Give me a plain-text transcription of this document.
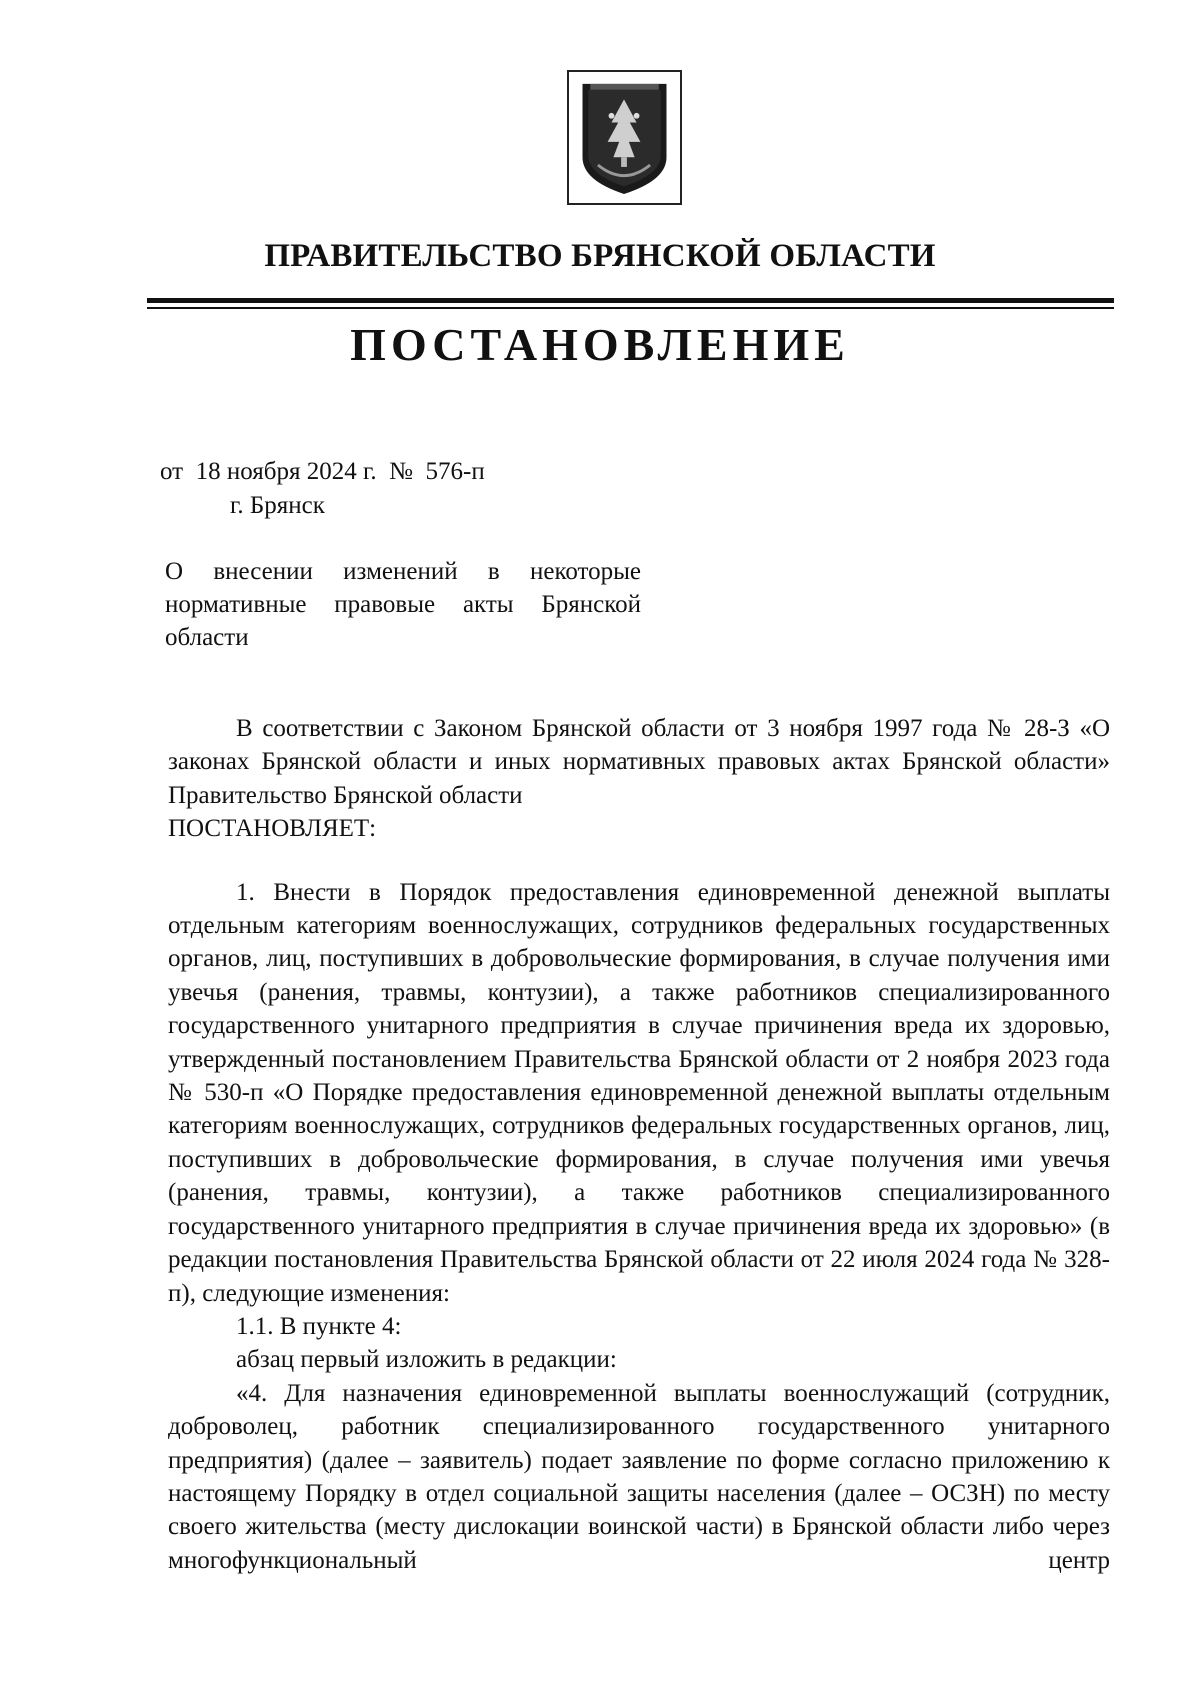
ПРАВИТЕЛЬСТВО БРЯНСКОЙ ОБЛАСТИ
ПОСТАНОВЛЕНИЕ
от  18 ноября 2024 г.  №  576-п
г. Брянск
О внесении изменений в некоторые
нормативные правовые акты Брянской
области

В соответствии с Законом Брянской области от 3 ноября 1997 года № 28-З «О законах Брянской области и иных нормативных правовых актах Брянской области» Правительство Брянской области

ПОСТАНОВЛЯЕТ:

1. Внести в Порядок предоставления единовременной денежной выплаты отдельным категориям военнослужащих, сотрудников федеральных государственных органов, лиц, поступивших в добровольческие формирования, в случае получения ими увечья (ранения, травмы, контузии), а также работников специализированного государственного унитарного предприятия в случае причинения вреда их здоровью, утвержденный постановлением Правительства Брянской области от 2 ноября 2023 года № 530-п «О Порядке предоставления единовременной денежной выплаты отдельным категориям военнослужащих, сотрудников федеральных государственных органов, лиц, поступивших в добровольческие формирования, в случае получения ими увечья (ранения, травмы, контузии), а также работников специализированного государственного унитарного предприятия в случае причинения вреда их здоровью» (в редакции постановления Правительства Брянской области от 22 июля 2024 года № 328-п), следующие изменения:

1.1. В пункте 4:

абзац первый изложить в редакции:

«4. Для назначения единовременной выплаты военнослужащий (сотрудник, доброволец, работник специализированного государственного унитарного предприятия) (далее – заявитель) подает заявление по форме согласно приложению к настоящему Порядку в отдел социальной защиты населения (далее – ОСЗН) по месту своего жительства (месту дислокации воинской части) в Брянской области либо через многофункциональный центр
